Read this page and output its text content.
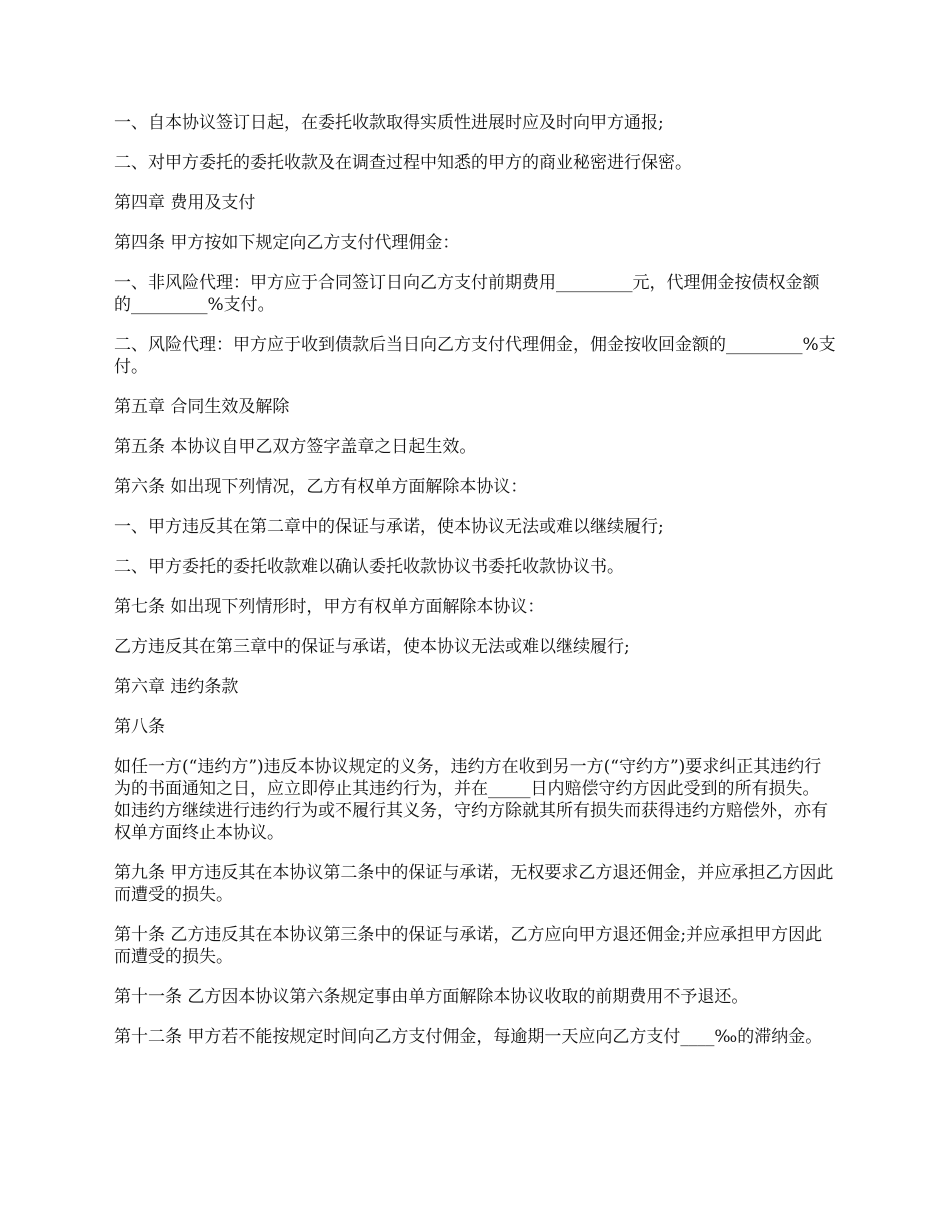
一、自本协议签订日起，在委托收款取得实质性进展时应及时向甲方通报;

二、对甲方委托的委托收款及在调查过程中知悉的甲方的商业秘密进行保密。

第四章 费用及支付

第四条 甲方按如下规定向乙方支付代理佣金：

一、非风险代理：甲方应于合同签订日向乙方支付前期费用_________元，代理佣金按债权金额的_________%支付。

二、风险代理：甲方应于收到债款后当日向乙方支付代理佣金，佣金按收回金额的_________%支付。

第五章 合同生效及解除

第五条 本协议自甲乙双方签字盖章之日起生效。

第六条 如出现下列情况，乙方有权单方面解除本协议：

一、甲方违反其在第二章中的保证与承诺，使本协议无法或难以继续履行;

二、甲方委托的委托收款难以确认委托收款协议书委托收款协议书。

第七条 如出现下列情形时，甲方有权单方面解除本协议：

乙方违反其在第三章中的保证与承诺，使本协议无法或难以继续履行;

第六章 违约条款

第八条

如任一方(“违约方”)违反本协议规定的义务，违约方在收到另一方(“守约方”)要求纠正其违约行为的书面通知之日，应立即停止其违约行为，并在_____日内赔偿守约方因此受到的所有损失。如违约方继续进行违约行为或不履行其义务，守约方除就其所有损失而获得违约方赔偿外，亦有权单方面终止本协议。

第九条 甲方违反其在本协议第二条中的保证与承诺，无权要求乙方退还佣金，并应承担乙方因此而遭受的损失。

第十条 乙方违反其在本协议第三条中的保证与承诺，乙方应向甲方退还佣金;并应承担甲方因此而遭受的损失。

第十一条 乙方因本协议第六条规定事由单方面解除本协议收取的前期费用不予退还。

第十二条 甲方若不能按规定时间向乙方支付佣金，每逾期一天应向乙方支付____‰的滞纳金。
